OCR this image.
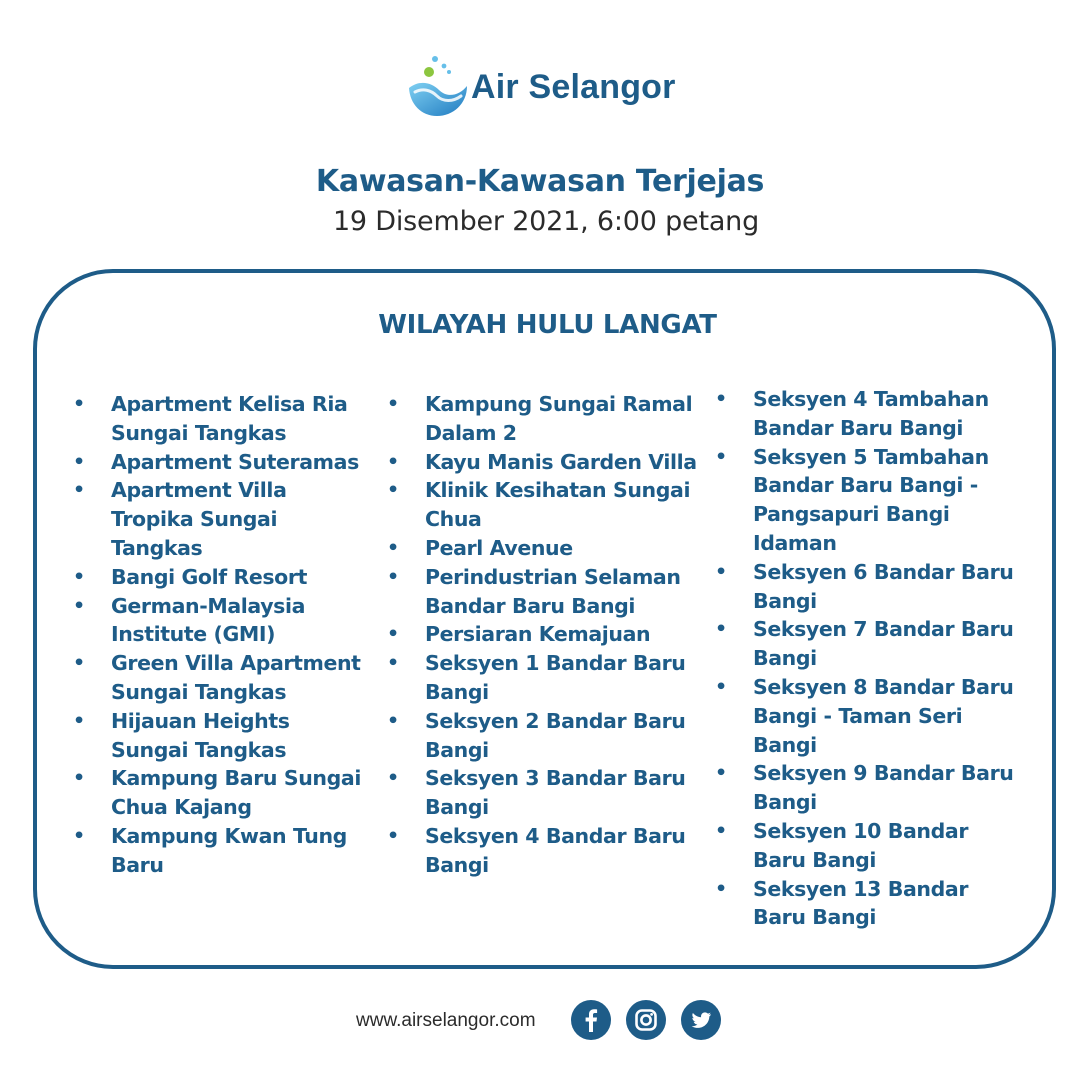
Air Selangor
Kawasan-Kawasan Terjejas
19 Disember 2021, 6:00 petang
WILAYAH HULU LANGAT
• Apartment Kelisa Ria Sungai Tangkas
• Apartment Suteramas
• Apartment Villa Tropika Sungai Tangkas
• Bangi Golf Resort
• German-Malaysia Institute (GMI)
• Green Villa Apartment Sungai Tangkas
• Hijauan Heights Sungai Tangkas
• Kampung Baru Sungai Chua Kajang
• Kampung Kwan Tung Baru
• Kampung Sungai Ramal Dalam 2
• Kayu Manis Garden Villa
• Klinik Kesihatan Sungai Chua
• Pearl Avenue
• Perindustrian Selaman Bandar Baru Bangi
• Persiaran Kemajuan
• Seksyen 1 Bandar Baru Bangi
• Seksyen 2 Bandar Baru Bangi
• Seksyen 3 Bandar Baru Bangi
• Seksyen 4 Bandar Baru Bangi
• Seksyen 4 Tambahan Bandar Baru Bangi
• Seksyen 5 Tambahan Bandar Baru Bangi - Pangsapuri Bangi Idaman
• Seksyen 6 Bandar Baru Bangi
• Seksyen 7 Bandar Baru Bangi
• Seksyen 8 Bandar Baru Bangi - Taman Seri Bangi
• Seksyen 9 Bandar Baru Bangi
• Seksyen 10 Bandar Baru Bangi
• Seksyen 13 Bandar Baru Bangi
www.airselangor.com
